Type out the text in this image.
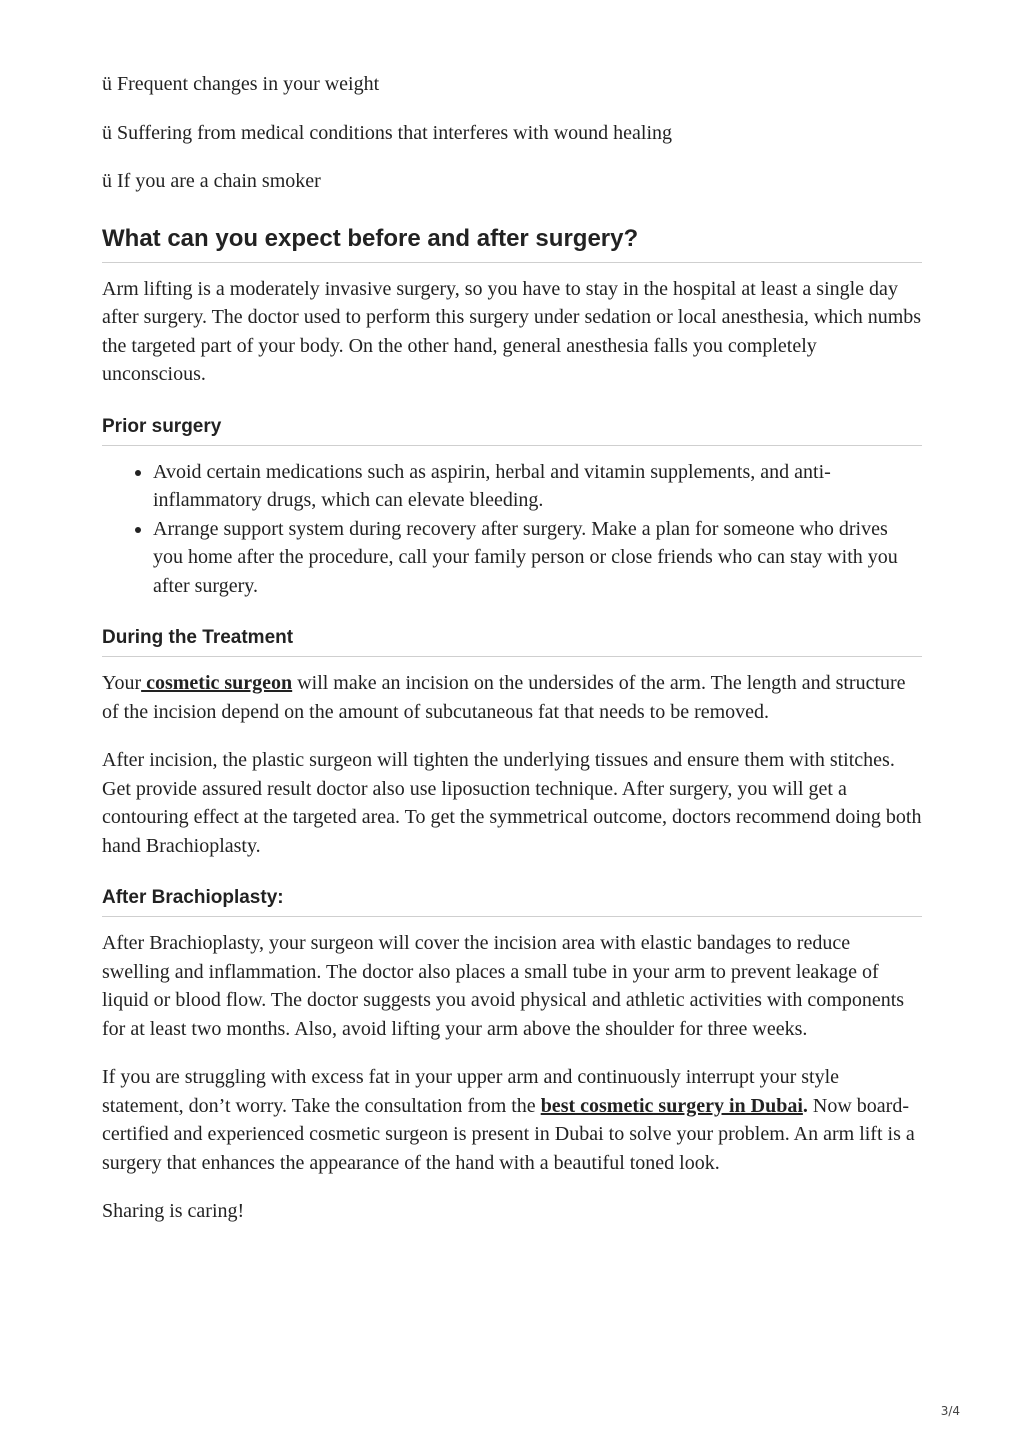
ü Frequent changes in your weight

ü Suffering from medical conditions that interferes with wound healing

ü If you are a chain smoker

What can you expect before and after surgery?

Arm lifting is a moderately invasive surgery, so you have to stay in the hospital at least a single day after surgery. The doctor used to perform this surgery under sedation or local anesthesia, which numbs the targeted part of your body. On the other hand, general anesthesia falls you completely unconscious.

Prior surgery
• Avoid certain medications such as aspirin, herbal and vitamin supplements, and anti-inflammatory drugs, which can elevate bleeding.
• Arrange support system during recovery after surgery. Make a plan for someone who drives you home after the procedure, call your family person or close friends who can stay with you after surgery.
During the Treatment

Your cosmetic surgeon will make an incision on the undersides of the arm. The length and structure of the incision depend on the amount of subcutaneous fat that needs to be removed.

After incision, the plastic surgeon will tighten the underlying tissues and ensure them with stitches. Get provide assured result doctor also use liposuction technique. After surgery, you will get a contouring effect at the targeted area. To get the symmetrical outcome, doctors recommend doing both hand Brachioplasty.

After Brachioplasty:

After Brachioplasty, your surgeon will cover the incision area with elastic bandages to reduce swelling and inflammation. The doctor also places a small tube in your arm to prevent leakage of liquid or blood flow. The doctor suggests you avoid physical and athletic activities with components for at least two months. Also, avoid lifting your arm above the shoulder for three weeks.

If you are struggling with excess fat in your upper arm and continuously interrupt your style statement, don’t worry. Take the consultation from the best cosmetic surgery in Dubai. Now board-certified and experienced cosmetic surgeon is present in Dubai to solve your problem. An arm lift is a surgery that enhances the appearance of the hand with a beautiful toned look.

Sharing is caring!

3/4
